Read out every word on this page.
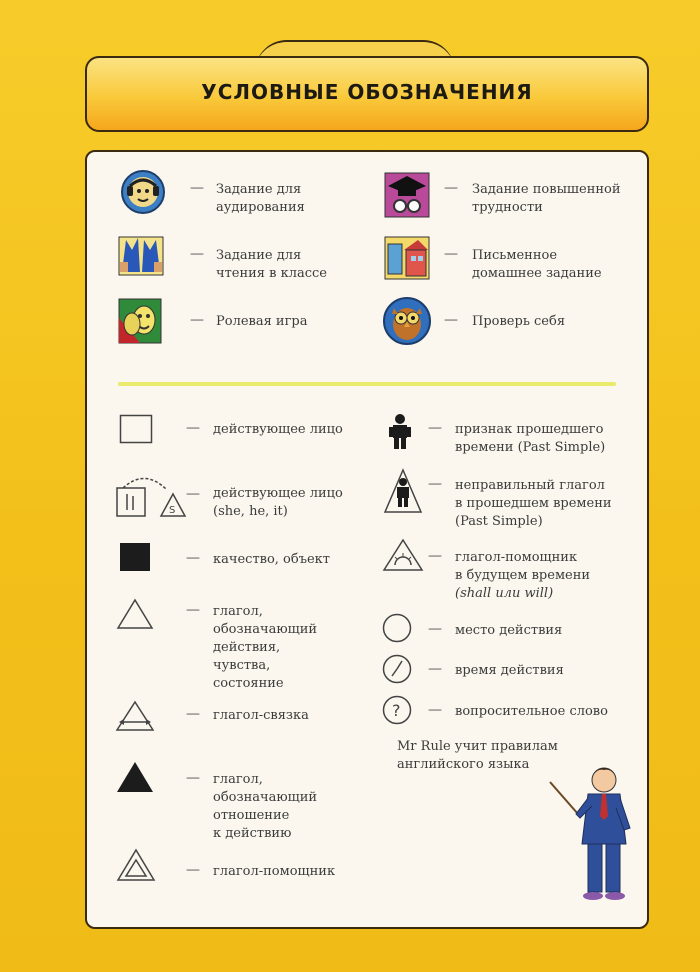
УСЛОВНЫЕ ОБОЗНАЧЕНИЯ
— Задание для
аудирования
— Задание для
чтения в классе
— Ролевая игра
— Задание повышенной
трудности
— Письменное
домашнее задание
— Проверь себя
— действующее лицо
S
— действующее лицо
(she, he, it)
— качество, объект
— глагол,
обозначающий
действия,
чувства,
состояние
— глагол-связка
— глагол,
обозначающий
отношение
к действию
— глагол-помощник
— признак прошедшего
времени (Past Simple)
— неправильный глагол
в прошедшем времени
(Past Simple)
— глагол-помощник
в будущем времени
(shall или will)
— место действия
— время действия
? — вопросительное слово
Mr Rule учит правилам
английского языка
